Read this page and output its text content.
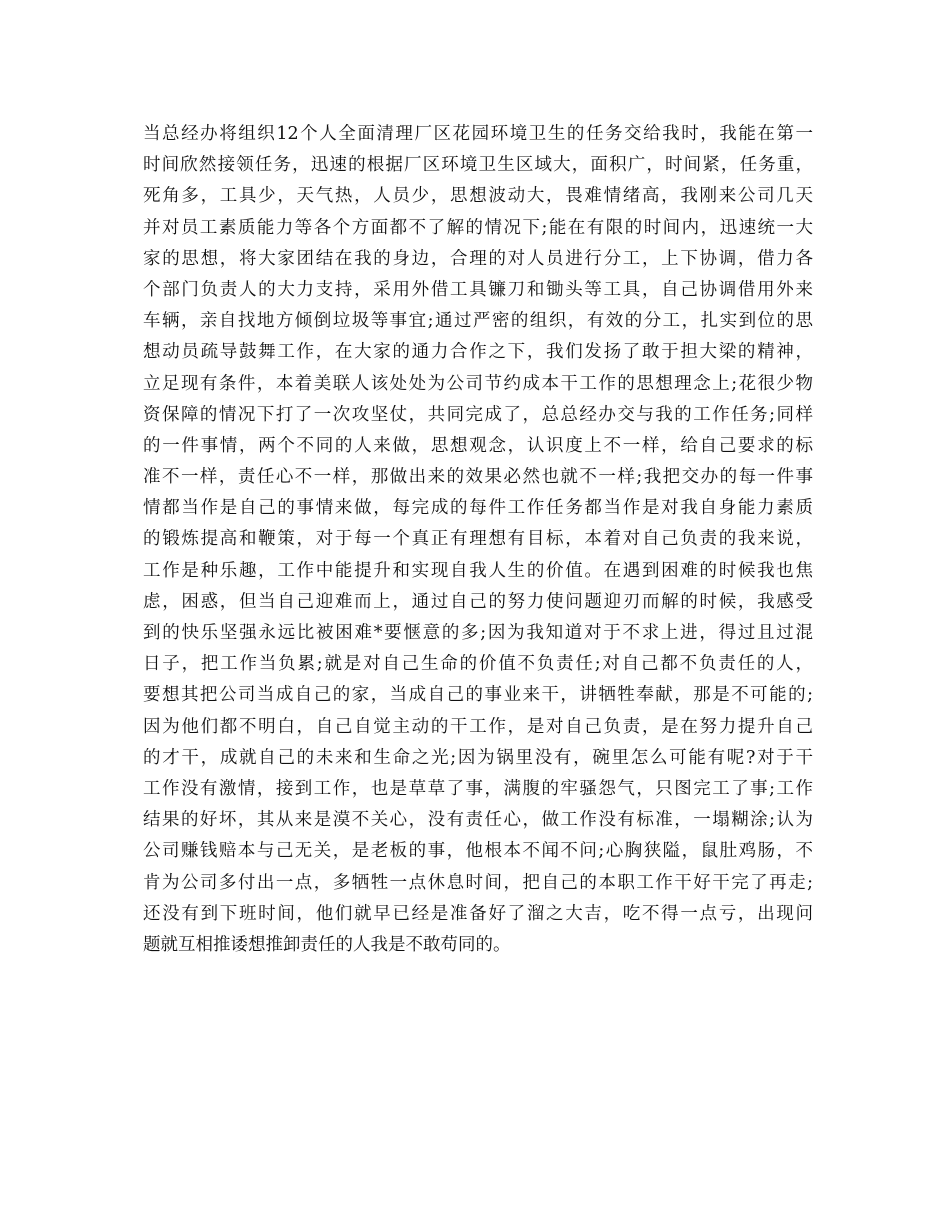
当总经办将组织12个人全面清理厂区花园环境卫生的任务交给我时，我能在第一
时间欣然接领任务，迅速的根据厂区环境卫生区域大，面积广，时间紧，任务重，
死角多，工具少，天气热，人员少，思想波动大，畏难情绪高，我刚来公司几天
并对员工素质能力等各个方面都不了解的情况下;能在有限的时间内，迅速统一大
家的思想，将大家团结在我的身边，合理的对人员进行分工，上下协调，借力各
个部门负责人的大力支持，采用外借工具镰刀和锄头等工具，自己协调借用外来
车辆，亲自找地方倾倒垃圾等事宜;通过严密的组织，有效的分工，扎实到位的思
想动员疏导鼓舞工作，在大家的通力合作之下，我们发扬了敢于担大梁的精神，
立足现有条件，本着美联人该处处为公司节约成本干工作的思想理念上;花很少物
资保障的情况下打了一次攻坚仗，共同完成了，总总经办交与我的工作任务;同样
的一件事情，两个不同的人来做，思想观念，认识度上不一样，给自己要求的标
准不一样，责任心不一样，那做出来的效果必然也就不一样;我把交办的每一件事
情都当作是自己的事情来做，每完成的每件工作任务都当作是对我自身能力素质
的锻炼提高和鞭策，对于每一个真正有理想有目标，本着对自己负责的我来说，
工作是种乐趣，工作中能提升和实现自我人生的价值。在遇到困难的时候我也焦
虑，困惑，但当自己迎难而上，通过自己的努力使问题迎刃而解的时候，我感受
到的快乐坚强永远比被困难*要惬意的多;因为我知道对于不求上进，得过且过混
日子，把工作当负累;就是对自己生命的价值不负责任;对自己都不负责任的人，
要想其把公司当成自己的家，当成自己的事业来干，讲牺牲奉献，那是不可能的;
因为他们都不明白，自己自觉主动的干工作，是对自己负责，是在努力提升自己
的才干，成就自己的未来和生命之光;因为锅里没有，碗里怎么可能有呢?对于干
工作没有激情，接到工作，也是草草了事，满腹的牢骚怨气，只图完工了事;工作
结果的好坏，其从来是漠不关心，没有责任心，做工作没有标准，一塌糊涂;认为
公司赚钱赔本与己无关，是老板的事，他根本不闻不问;心胸狭隘，鼠肚鸡肠，不
肯为公司多付出一点，多牺牲一点休息时间，把自己的本职工作干好干完了再走;
还没有到下班时间，他们就早已经是准备好了溜之大吉，吃不得一点亏，出现问
题就互相推诿想推卸责任的人我是不敢苟同的。
